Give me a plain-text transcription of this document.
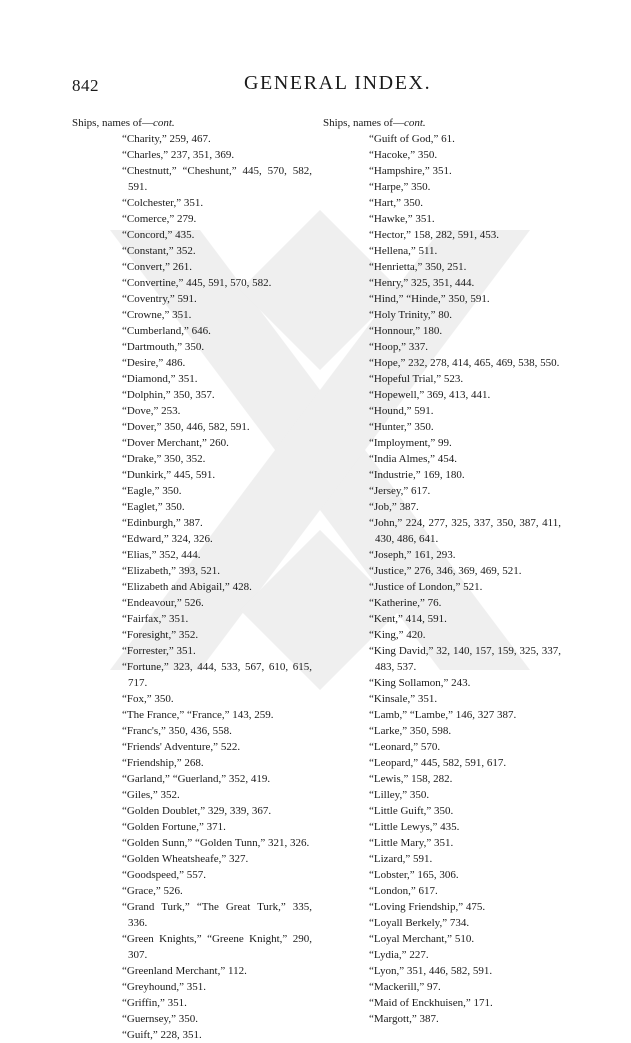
842	GENERAL INDEX.
Ships, names of—cont.
“Charity,” 259, 467.
“Charles,” 237, 351, 369.
“Chestnutt,” “Cheshunt,” 445, 570, 582, 591.
“Colchester,” 351.
“Comerce,” 279.
“Concord,” 435.
“Constant,” 352.
“Convert,” 261.
“Convertine,” 445, 591, 570, 582.
“Coventry,” 591.
“Crowne,” 351.
“Cumberland,” 646.
“Dartmouth,” 350.
“Desire,” 486.
“Diamond,” 351.
“Dolphin,” 350, 357.
“Dove,” 253.
“Dover,” 350, 446, 582, 591.
“Dover Merchant,” 260.
“Drake,” 350, 352.
“Dunkirk,” 445, 591.
“Eagle,” 350.
“Eaglet,” 350.
“Edinburgh,” 387.
“Edward,” 324, 326.
“Elias,” 352, 444.
“Elizabeth,” 393, 521.
“Elizabeth and Abigail,” 428.
“Endeavour,” 526.
“Fairfax,” 351.
“Foresight,” 352.
“Forrester,” 351.
“Fortune,” 323, 444, 533, 567, 610, 615, 717.
“Fox,” 350.
“The France,” “France,” 143, 259.
“Franc's,” 350, 436, 558.
“Friends' Adventure,” 522.
“Friendship,” 268.
“Garland,” “Guerland,” 352, 419.
“Giles,” 352.
“Golden Doublet,” 329, 339, 367.
“Golden Fortune,” 371.
“Golden Sunn,” “Golden Tunn,” 321, 326.
“Golden Wheatsheafe,” 327.
“Goodspeed,” 557.
“Grace,” 526.
“Grand Turk,” “The Great Turk,” 335, 336.
“Green Knights,” “Greene Knight,” 290, 307.
“Greenland Merchant,” 112.
“Greyhound,” 351.
“Griffin,” 351.
“Guernsey,” 350.
“Guift,” 228, 351.
Ships, names of—cont.
“Guift of God,” 61.
“Hacoke,” 350.
“Hampshire,” 351.
“Harpe,” 350.
“Hart,” 350.
“Hawke,” 351.
“Hector,” 158, 282, 591, 453.
“Hellena,” 511.
“Henrietta,” 350, 251.
“Henry,” 325, 351, 444.
“Hind,” “Hinde,” 350, 591.
“Holy Trinity,” 80.
“Honnour,” 180.
“Hoop,” 337.
“Hope,” 232, 278, 414, 465, 469, 538, 550.
“Hopeful Trial,” 523.
“Hopewell,” 369, 413, 441.
“Hound,” 591.
“Hunter,” 350.
“Imployment,” 99.
“India Almes,” 454.
“Industrie,” 169, 180.
“Jersey,” 617.
“Job,” 387.
“John,” 224, 277, 325, 337, 350, 387, 411, 430, 486, 641.
“Joseph,” 161, 293.
“Justice,” 276, 346, 369, 469, 521.
“Justice of London,” 521.
“Katherine,” 76.
“Kent,” 414, 591.
“King,” 420.
“King David,” 32, 140, 157, 159, 325, 337, 483, 537.
“King Sollamon,” 243.
“Kinsale,” 351.
“Lamb,” “Lambe,” 146, 327 387.
“Larke,” 350, 598.
“Leonard,” 570.
“Leopard,” 445, 582, 591, 617.
“Lewis,” 158, 282.
“Lilley,” 350.
“Little Guift,” 350.
“Little Lewys,” 435.
“Little Mary,” 351.
“Lizard,” 591.
“Lobster,” 165, 306.
“London,” 617.
“Loving Friendship,” 475.
“Loyall Berkely,” 734.
“Loyal Merchant,” 510.
“Lydia,” 227.
“Lyon,” 351, 446, 582, 591.
“Mackerill,” 97.
“Maid of Enckhuisen,” 171.
“Margott,” 387.
